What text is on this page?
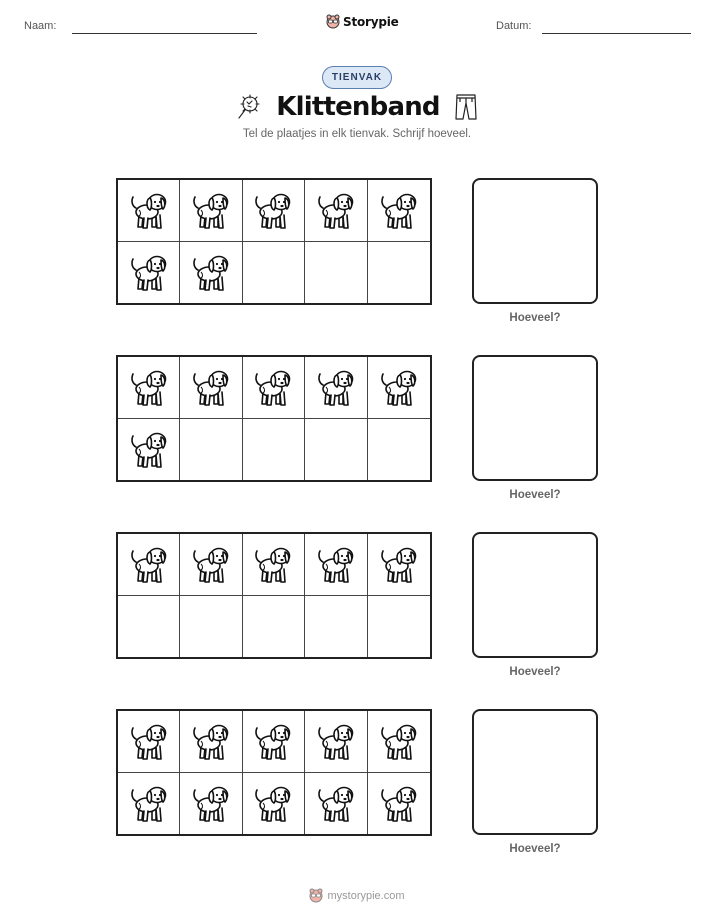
Naam:	Storypie	Datum:
TIENVAK
Klittenband
Tel de plaatjes in elk tienvak. Schrijf hoeveel.
Hoeveel?
Hoeveel?
Hoeveel?
Hoeveel?
mystorypie.com
